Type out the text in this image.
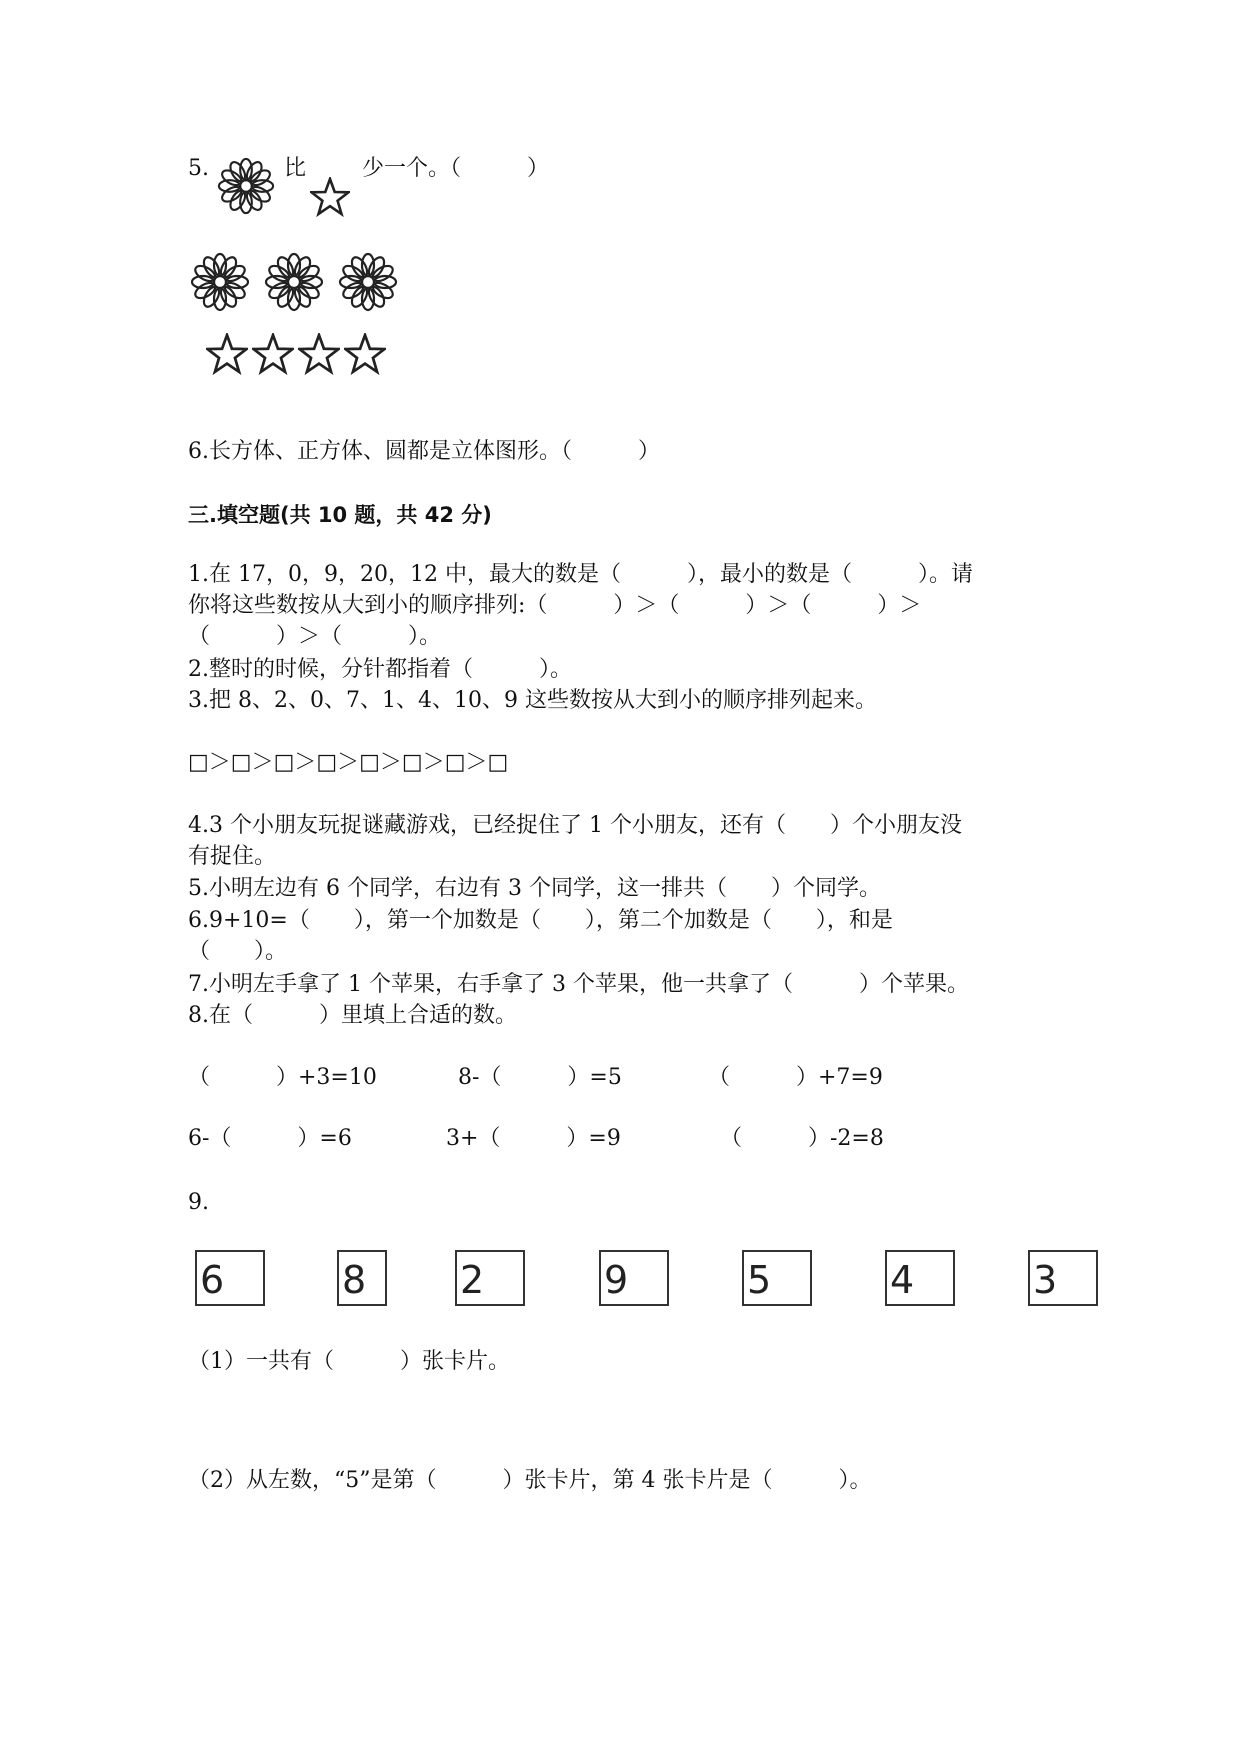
5.	比	少一个。（　　　）
6.长方体、正方体、圆都是立体图形。（　　　）
三.填空题(共 10 题，共 42 分)
1.在 17，0，9，20，12 中，最大的数是（　　　），最小的数是（　　　）。请
你将这些数按从大到小的顺序排列:（　　　）＞（　　　）＞（　　　）＞
（　　　）＞（　　　）。
2.整时的时候，分针都指着（　　　）。
3.把 8、2、0、7、1、4、10、9 这些数按从大到小的顺序排列起来。
□＞□＞□＞□＞□＞□＞□＞□
4.3 个小朋友玩捉谜藏游戏，已经捉住了 1 个小朋友，还有（　　）个小朋友没
有捉住。
5.小明左边有 6 个同学，右边有 3 个同学，这一排共（　　）个同学。
6.9+10=（　　），第一个加数是（　　），第二个加数是（　　），和是
（　　）。
7.小明左手拿了 1 个苹果，右手拿了 3 个苹果，他一共拿了（　　　）个苹果。
8.在（　　　）里填上合适的数。
（　　　）+3=10	8-（　　　）=5	（　　　）+7=9
6-（　　　）=6	3+（　　　）=9	（　　　）-2=8
9.
6	8 2	9	5	4	3
（1）一共有（　　　）张卡片。
（2）从左数，“5”是第（　　　）张卡片，第 4 张卡片是（　　　）。
